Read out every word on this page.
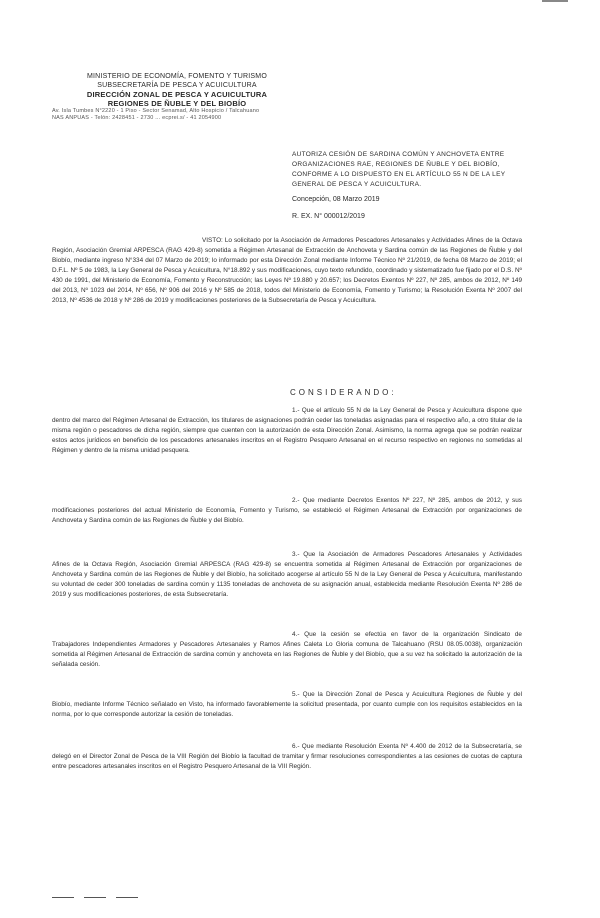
MINISTERIO DE ECONOMÍA, FOMENTO Y TURISMO
SUBSECRETARÍA DE PESCA Y ACUICULTURA
DIRECCIÓN ZONAL DE PESCA Y ACUICULTURA
REGIONES DE ÑUBLE Y DEL BIOBÍO
Av. Isla Tumbes N°2220 - 1 Piso - Sector Senamad, Alto Hospicio / Talcahuano
NAS ANPUAS - Telón: 2428451 - 2730 ... ecprei.s/ - 41 2054900
AUTORIZA CESIÓN DE SARDINA COMÚN Y ANCHOVETA ENTRE ORGANIZACIONES RAE, REGIONES DE ÑUBLE Y DEL BIOBÍO, CONFORME A LO DISPUESTO EN EL ARTÍCULO 55 N DE LA LEY GENERAL DE PESCA Y ACUICULTURA.
Concepción, 08 Marzo 2019
R. EX. N° 000012/2019
VISTO: Lo solicitado por la Asociación de Armadores Pescadores Artesanales y Actividades Afines de la Octava Región, Asociación Gremial ARPESCA (RAG 429-8) sometida a Régimen Artesanal de Extracción de Anchoveta y Sardina común de las Regiones de Ñuble y del Biobío, mediante ingreso N°334 del 07 Marzo de 2019; lo informado por esta Dirección Zonal mediante Informe Técnico Nº 21/2019, de fecha 08 Marzo de 2019; el D.F.L. Nº 5 de 1983, la Ley General de Pesca y Acuicultura, N°18.892 y sus modificaciones, cuyo texto refundido, coordinado y sistematizado fue fijado por el D.S. Nº 430 de 1991, del Ministerio de Economía, Fomento y Reconstrucción; las Leyes Nº 19.880 y 20.657; los Decretos Exentos Nº 227, Nº 285, ambos de 2012, Nº 149 del 2013, Nº 1023 del 2014, Nº 656, Nº 906 del 2016 y Nº 585 de 2018, todos del Ministerio de Economía, Fomento y Turismo; la Resolución Exenta Nº 2007 del 2013, Nº 4536 de 2018 y Nº 286 de 2019 y modificaciones posteriores de la Subsecretaría de Pesca y Acuicultura.
CONSIDERANDO:
1.- Que el artículo 55 N de la Ley General de Pesca y Acuicultura dispone que dentro del marco del Régimen Artesanal de Extracción, los titulares de asignaciones podrán ceder las toneladas asignadas para el respectivo año, a otro titular de la misma región o pescadores de dicha región, siempre que cuenten con la autorización de esta Dirección Zonal. Asimismo, la norma agrega que se podrán realizar estos actos jurídicos en beneficio de los pescadores artesanales inscritos en el Registro Pesquero Artesanal en el recurso respectivo en regiones no sometidas al Régimen y dentro de la misma unidad pesquera.
2.- Que mediante Decretos Exentos Nº 227, Nº 285, ambos de 2012, y sus modificaciones posteriores del actual Ministerio de Economía, Fomento y Turismo, se estableció el Régimen Artesanal de Extracción por organizaciones de Anchoveta y Sardina común de las Regiones de Ñuble y del Biobío.
3.- Que la Asociación de Armadores Pescadores Artesanales y Actividades Afines de la Octava Región, Asociación Gremial ARPESCA (RAG 429-8) se encuentra sometida al Régimen Artesanal de Extracción por organizaciones de Anchoveta y Sardina común de las Regiones de Ñuble y del Biobío, ha solicitado acogerse al artículo 55 N de la Ley General de Pesca y Acuicultura, manifestando su voluntad de ceder 300 toneladas de sardina común y 1135 toneladas de anchoveta de su asignación anual, establecida mediante Resolución Exenta Nº 286 de 2019 y sus modificaciones posteriores, de esta Subsecretaría.
4.- Que la cesión se efectúa en favor de la organización Sindicato de Trabajadores Independientes Armadores y Pescadores Artesanales y Ramos Afines Caleta Lo Gloria comuna de Talcahuano (RSU 08.05.0038), organización sometida al Régimen Artesanal de Extracción de sardina común y anchoveta en las Regiones de Ñuble y del Biobío, que a su vez ha solicitado la autorización de la señalada cesión.
5.- Que la Dirección Zonal de Pesca y Acuicultura Regiones de Ñuble y del Biobío, mediante Informe Técnico señalado en Visto, ha informado favorablemente la solicitud presentada, por cuanto cumple con los requisitos establecidos en la norma, por lo que corresponde autorizar la cesión de toneladas.
6.- Que mediante Resolución Exenta Nº 4.400 de 2012 de la Subsecretaría, se delegó en el Director Zonal de Pesca de la VIII Región del Biobío la facultad de tramitar y firmar resoluciones correspondientes a las cesiones de cuotas de captura entre pescadores artesanales inscritos en el Registro Pesquero Artesanal de la VIII Región.
